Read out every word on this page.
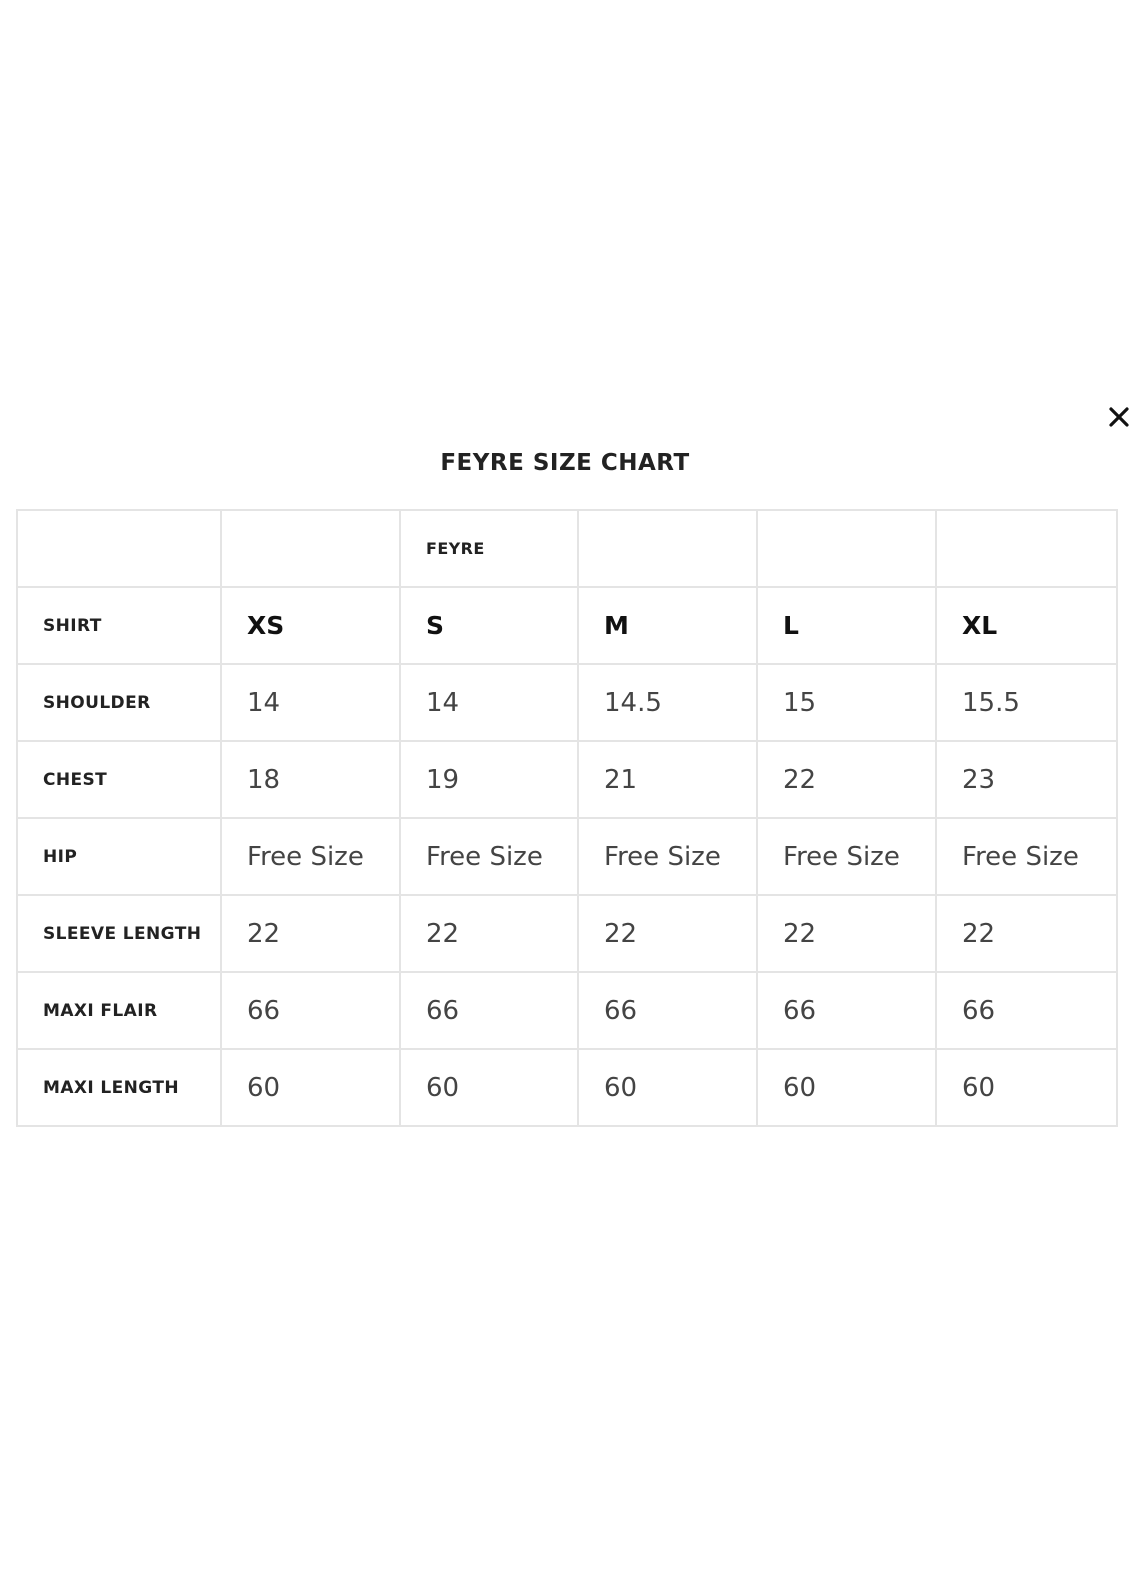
FEYRE SIZE CHART
		FEYRE			
SHIRT	XS	S	M	L	XL
SHOULDER	14	14	14.5	15	15.5
CHEST	18	19	21	22	23
HIP	Free Size	Free Size	Free Size	Free Size	Free Size
SLEEVE LENGTH	22	22	22	22	22
MAXI FLAIR	66	66	66	66	66
MAXI LENGTH	60	60	60	60	60
